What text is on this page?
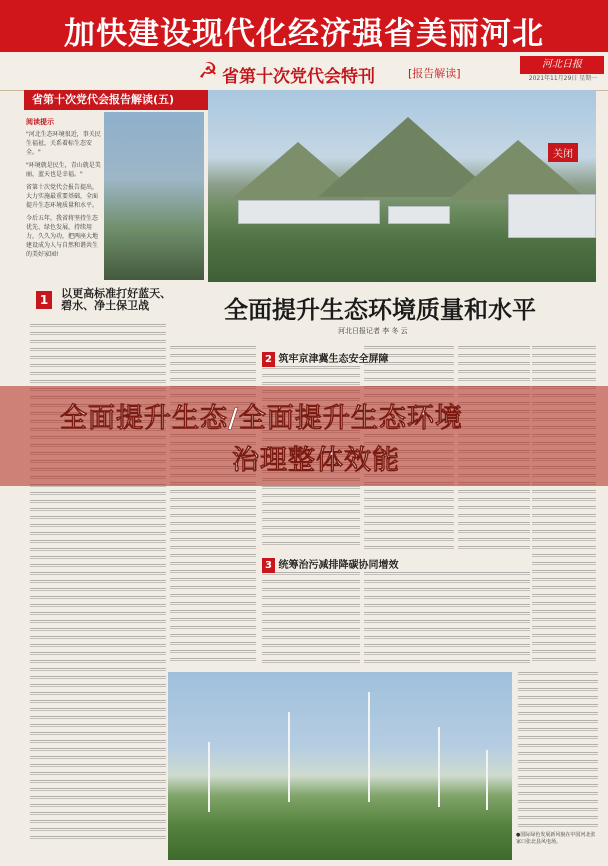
加快建设现代化经济强省美丽河北
☭ 省第十次党代会特刊	[报告解读]
河北日报
2021年11月29日 星期一
省第十次党代会报告解读(五)
阅读提示

"河北生态环境很近，事关民生福祉，关系着标生态安全。"

"环境就是民生，青山就是美丽，蓝天也是幸福。"

省第十次党代会报告提出，大力实施最重要基础，全面提升生态环境质量和水平。

今后五年，我省将坚持生态优先、绿色发展，持续用力，久久为功，把两座大地建设成为人与自然和谐共生的美好家园!

关闭
1 以更高标准打好蓝天、碧水、净土保卫战	全面提升生态环境质量和水平
河北日报记者 李 冬 云
2 筑牢京津冀生态安全屏障
3 统筹治污减排降碳协同增效
●国际绿色发展新风貌在中国河北张家口张北县风电场。
全面提升生态/全面提升生态环境
治理整体效能
